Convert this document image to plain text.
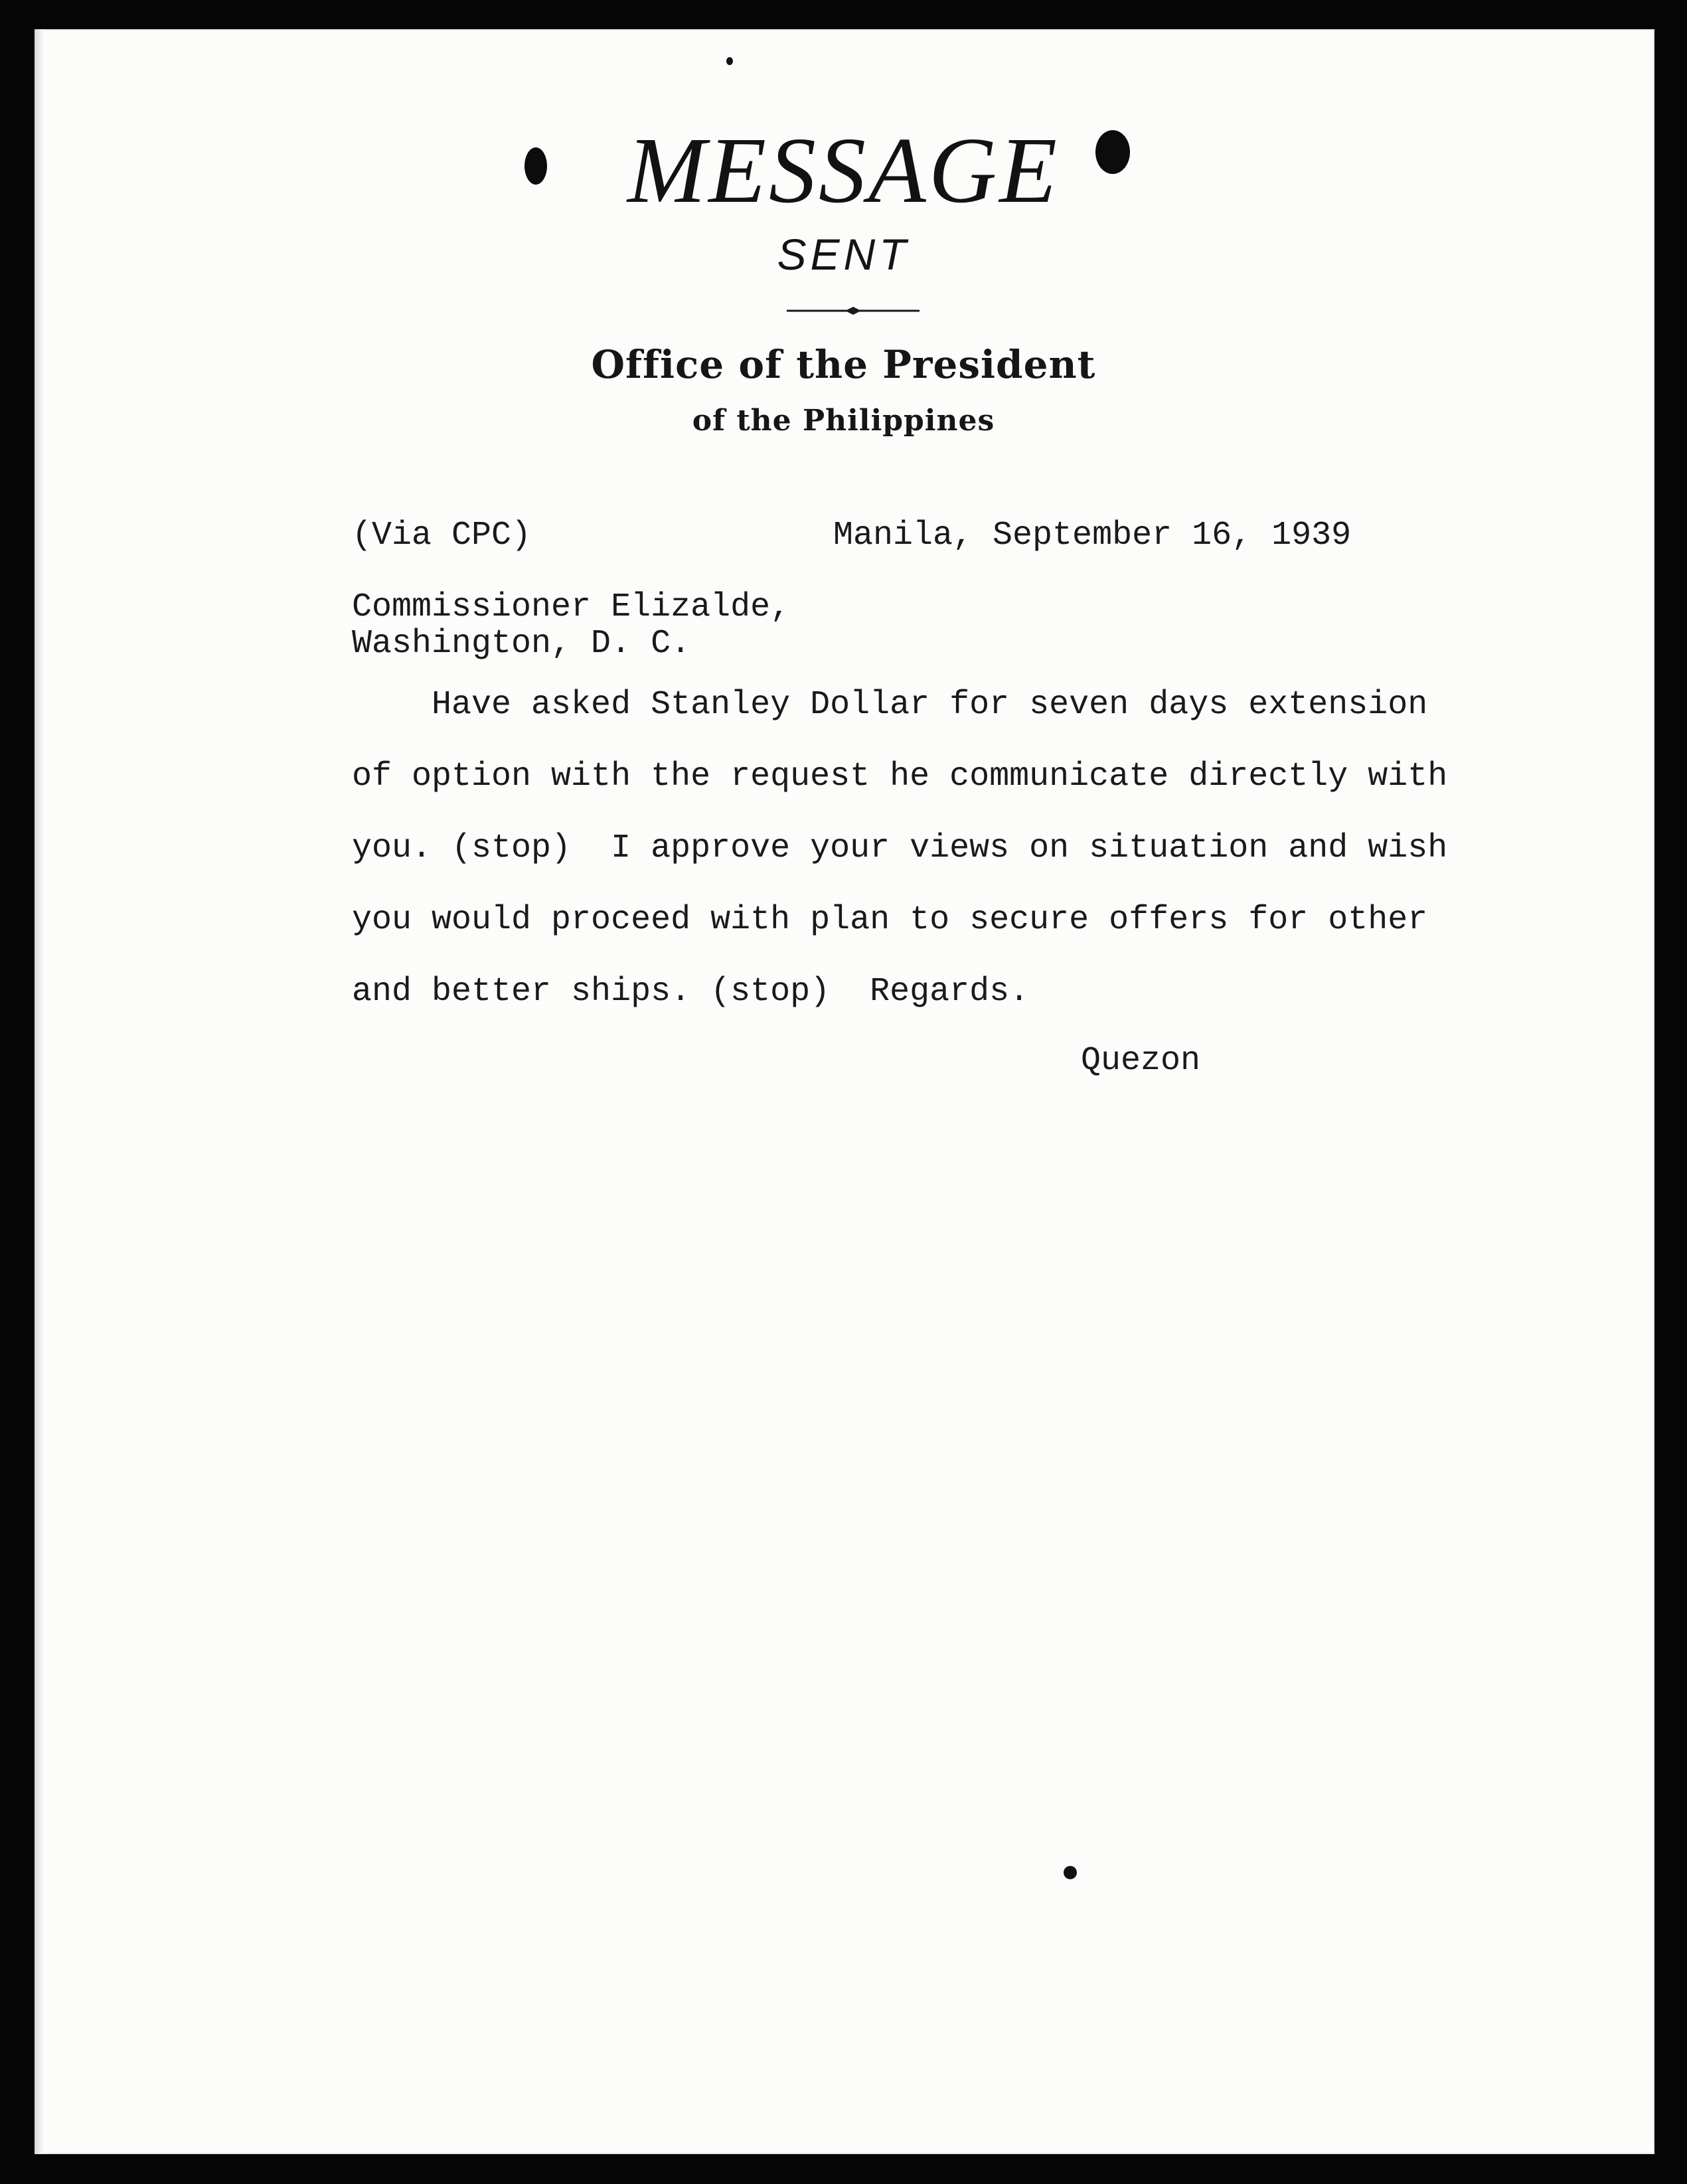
MESSAGE
SENT
Office of the President
of the Philippines
(Via CPC)	Manila, September 16, 1939
Commissioner Elizalde,
Washington, D. C.
Have asked Stanley Dollar for seven days extension
of option with the request he communicate directly with
you. (stop)  I approve your views on situation and wish
you would proceed with plan to secure offers for other
and better ships. (stop)  Regards.
Quezon
